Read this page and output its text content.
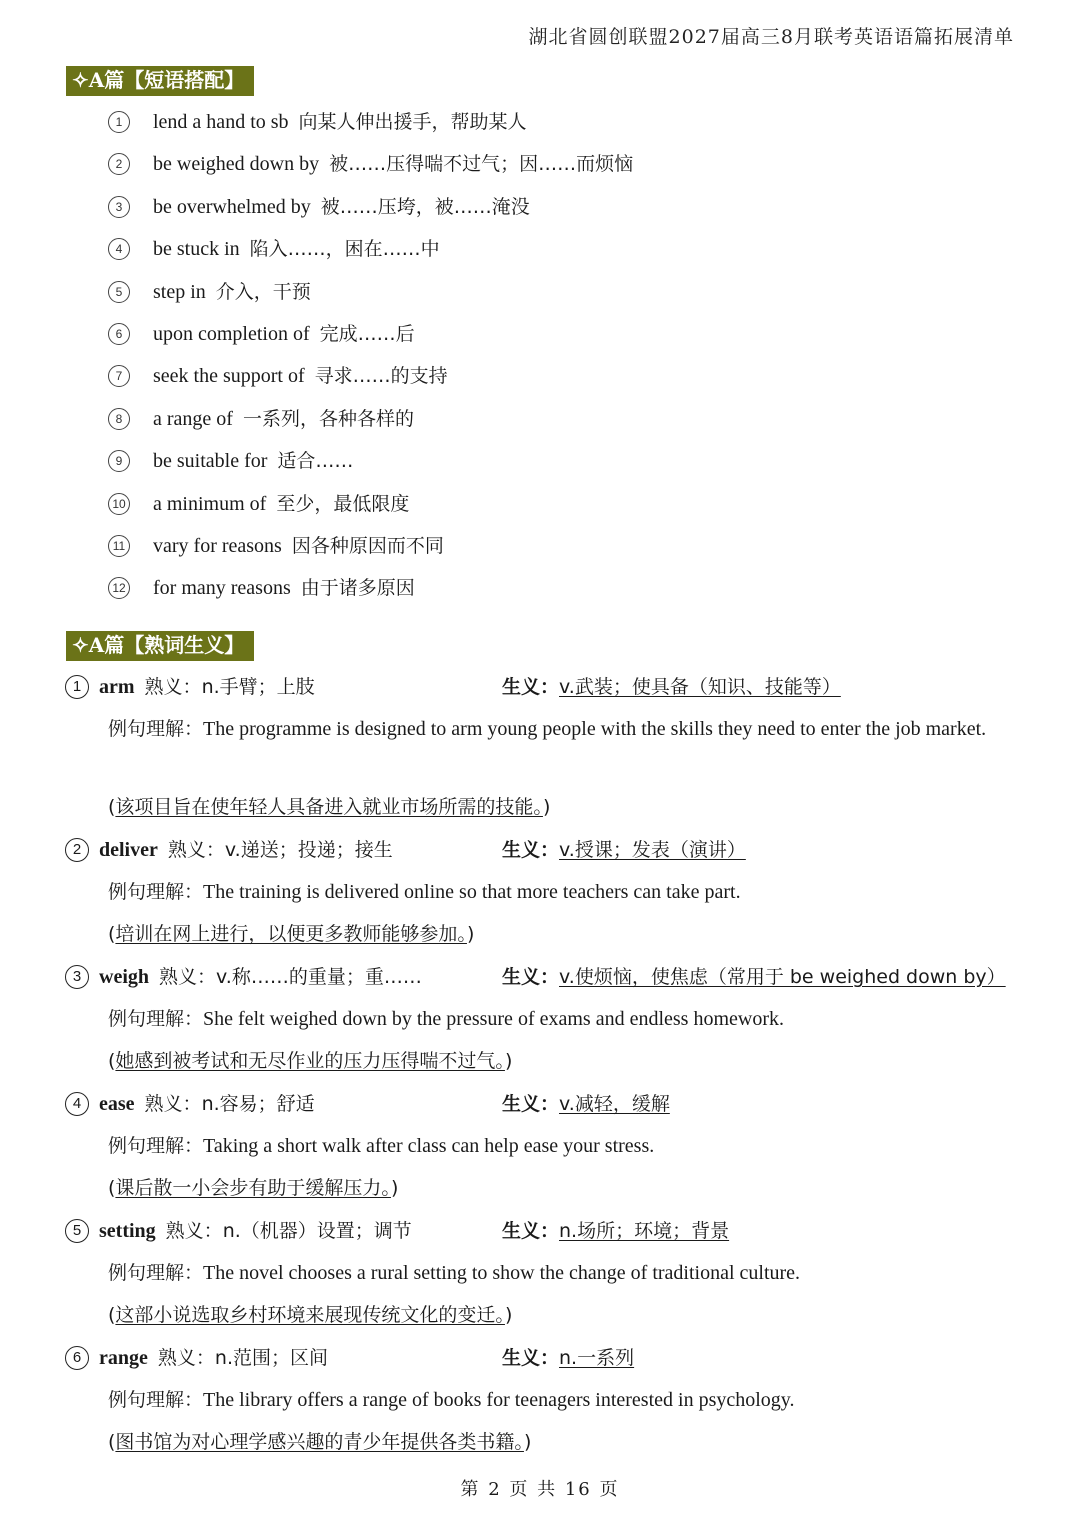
湖北省圆创联盟2027届高三8月联考英语语篇拓展清单
✧A篇【短语搭配】
1	lend a hand to sb 向某人伸出援手，帮助某人
2	be weighed down by 被……压得喘不过气；因……而烦恼
3	be overwhelmed by 被……压垮，被……淹没
4	be stuck in 陷入……，困在……中
5	step in 介入，干预
6	upon completion of 完成……后
7	seek the support of 寻求……的支持
8	a range of 一系列，各种各样的
9	be suitable for 适合……
10 a minimum of 至少，最低限度
11 vary for reasons 因各种原因而不同
12 for many reasons 由于诸多原因
✧A篇【熟词生义】
1 arm 熟义： n.手臂；上肢	生义：v.武装；使具备（知识、技能等）
例句理解：The programme is designed to arm young people with the skills they need to enter the job market.
(该项目旨在使年轻人具备进入就业市场所需的技能。)
2 deliver 熟义： v.递送；投递；接生	生义：v.授课；发表（演讲）
例句理解：The training is delivered online so that more teachers can take part.
(培训在网上进行，以便更多教师能够参加。)
3 weigh 熟义： v.称……的重量；重……	生义：v.使烦恼，使焦虑（常用于 be weighed down by）
例句理解：She felt weighed down by the pressure of exams and endless homework.
(她感到被考试和无尽作业的压力压得喘不过气。)
4 ease 熟义： n.容易；舒适	生义：v.减轻，缓解
例句理解：Taking a short walk after class can help ease your stress.
(课后散一小会步有助于缓解压力。)
5 setting 熟义： n.（机器）设置；调节	生义：n.场所；环境；背景
例句理解：The novel chooses a rural setting to show the change of traditional culture.
(这部小说选取乡村环境来展现传统文化的变迁。)
6 range 熟义： n.范围；区间	生义：n.一系列
例句理解：The library offers a range of books for teenagers interested in psychology.
(图书馆为对心理学感兴趣的青少年提供各类书籍。)
第 2 页 共 16 页
